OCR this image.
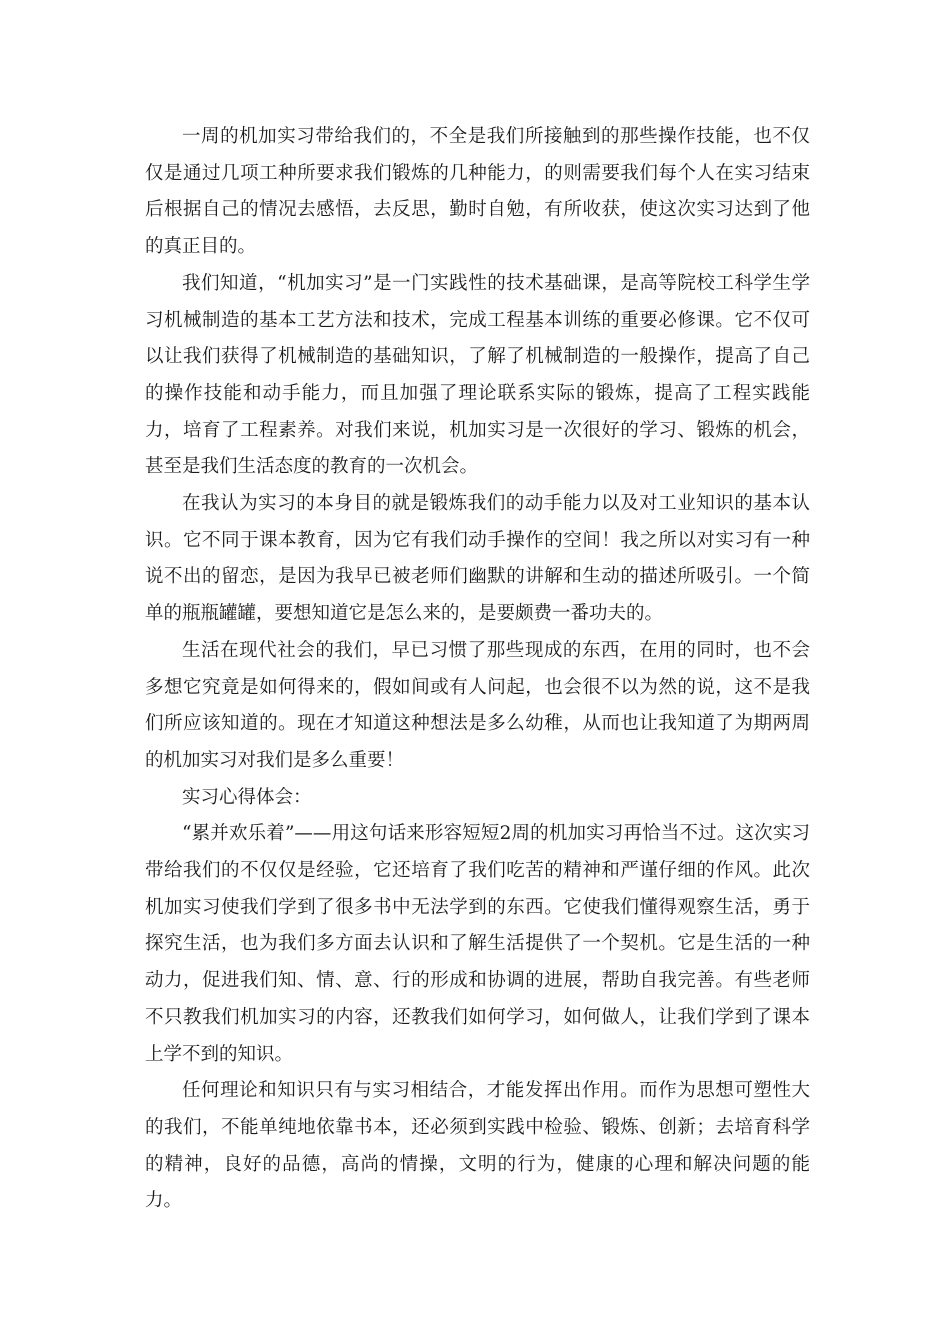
一周的机加实习带给我们的，不全是我们所接触到的那些操作技能，也不仅仅是通过几项工种所要求我们锻炼的几种能力，的则需要我们每个人在实习结束后根据自己的情况去感悟，去反思，勤时自勉，有所收获，使这次实习达到了他的真正目的。

我们知道，“机加实习”是一门实践性的技术基础课，是高等院校工科学生学习机械制造的基本工艺方法和技术，完成工程基本训练的重要必修课。它不仅可以让我们获得了机械制造的基础知识，了解了机械制造的一般操作，提高了自己的操作技能和动手能力，而且加强了理论联系实际的锻炼，提高了工程实践能力，培育了工程素养。对我们来说，机加实习是一次很好的学习、锻炼的机会，甚至是我们生活态度的教育的一次机会。

在我认为实习的本身目的就是锻炼我们的动手能力以及对工业知识的基本认识。它不同于课本教育，因为它有我们动手操作的空间！我之所以对实习有一种说不出的留恋，是因为我早已被老师们幽默的讲解和生动的描述所吸引。一个简单的瓶瓶罐罐，要想知道它是怎么来的，是要颇费一番功夫的。

生活在现代社会的我们，早已习惯了那些现成的东西，在用的同时，也不会多想它究竟是如何得来的，假如间或有人问起，也会很不以为然的说，这不是我们所应该知道的。现在才知道这种想法是多么幼稚，从而也让我知道了为期两周的机加实习对我们是多么重要！

实习心得体会：

“累并欢乐着”——用这句话来形容短短2周的机加实习再恰当不过。这次实习带给我们的不仅仅是经验，它还培育了我们吃苦的精神和严谨仔细的作风。此次机加实习使我们学到了很多书中无法学到的东西。它使我们懂得观察生活，勇于探究生活，也为我们多方面去认识和了解生活提供了一个契机。它是生活的一种动力，促进我们知、情、意、行的形成和协调的进展，帮助自我完善。有些老师不只教我们机加实习的内容，还教我们如何学习，如何做人，让我们学到了课本上学不到的知识。

任何理论和知识只有与实习相结合，才能发挥出作用。而作为思想可塑性大的我们，不能单纯地依靠书本，还必须到实践中检验、锻炼、创新；去培育科学的精神，良好的品德，高尚的情操，文明的行为，健康的心理和解决问题的能力。
